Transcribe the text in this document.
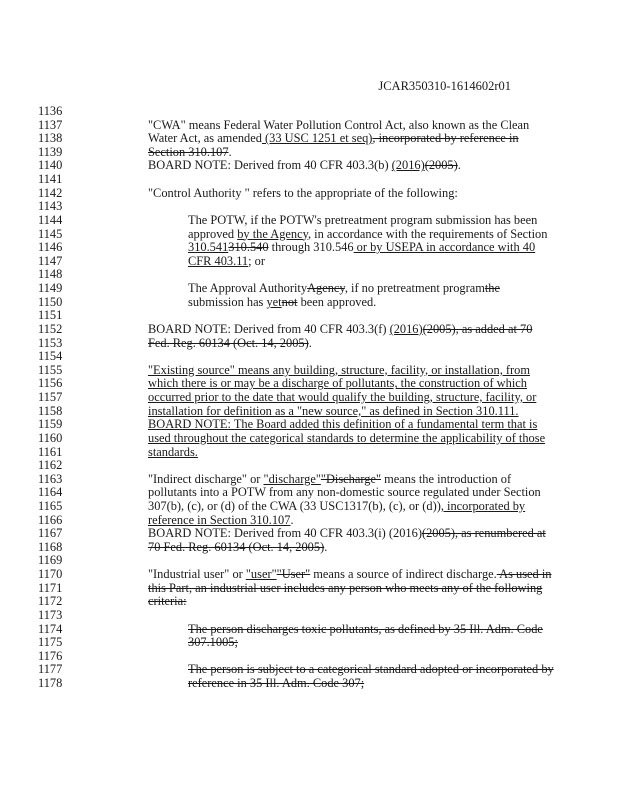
JCAR350310-1614602r01
1136
1137	"CWA" means Federal Water Pollution Control Act, also known as the Clean
1138	Water Act, as amended (33 USC 1251 et seq), incorporated by reference in
1139	Section 310.107.
1140	BOARD NOTE: Derived from 40 CFR 403.3(b) (2016)(2005).
1141
1142	"Control Authority " refers to the appropriate of the following:
1143
1144	The POTW, if the POTW's pretreatment program submission has been
1145	approved by the Agency, in accordance with the requirements of Section
1146	310.541310.540 through 310.546 or by USEPA in accordance with 40
1147	CFR 403.11; or
1148
1149	The Approval AuthorityAgency, if no pretreatment programthe
1150	submission has yetnot been approved.
1151
1152	BOARD NOTE: Derived from 40 CFR 403.3(f) (2016)(2005), as added at 70
1153	Fed. Reg. 60134 (Oct. 14, 2005).
1154
1155	"Existing source" means any building, structure, facility, or installation, from
1156	which there is or may be a discharge of pollutants, the construction of which
1157	occurred prior to the date that would qualify the building, structure, facility, or
1158	installation for definition as a "new source," as defined in Section 310.111.
1159	BOARD NOTE: The Board added this definition of a fundamental term that is
1160	used throughout the categorical standards to determine the applicability of those
1161	standards.
1162
1163	"Indirect discharge" or "discharge""Discharge" means the introduction of
1164	pollutants into a POTW from any non-domestic source regulated under Section
1165	307(b), (c), or (d) of the CWA (33 USC1317(b), (c), or (d)), incorporated by
1166	reference in Section 310.107.
1167	BOARD NOTE: Derived from 40 CFR 403.3(i) (2016)(2005), as renumbered at
1168	70 Fed. Reg. 60134 (Oct. 14, 2005).
1169
1170	"Industrial user" or "user""User" means a source of indirect discharge. As used in
1171	this Part, an industrial user includes any person who meets any of the following
1172	criteria:
1173
1174	The person discharges toxic pollutants, as defined by 35 Ill. Adm. Code
1175	307.1005;
1176
1177	The person is subject to a categorical standard adopted or incorporated by
1178	reference in 35 Ill. Adm. Code 307;
